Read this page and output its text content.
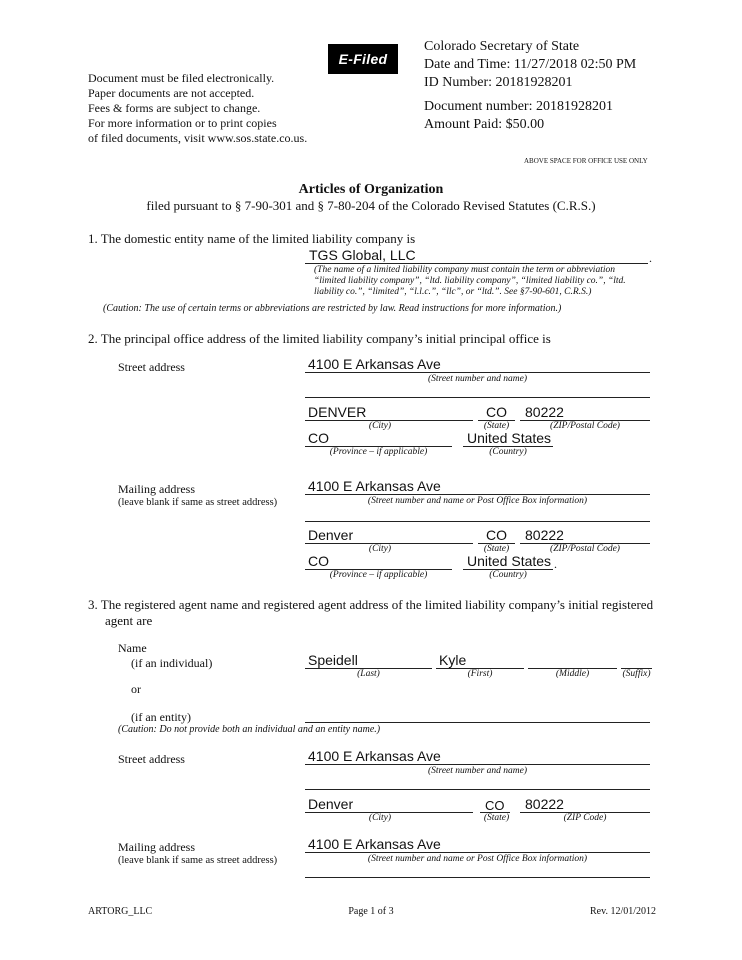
E-Filed
Document must be filed electronically.
Paper documents are not accepted.
Fees & forms are subject to change.
For more information or to print copies
of filed documents, visit www.sos.state.co.us.
Colorado Secretary of State
Date and Time: 11/27/2018 02:50 PM
ID Number: 20181928201
Document number: 20181928201
Amount Paid: $50.00
ABOVE SPACE FOR OFFICE USE ONLY
Articles of Organization
filed pursuant to § 7-90-301 and § 7-80-204 of the Colorado Revised Statutes (C.R.S.)
1. The domestic entity name of the limited liability company is
TGS Global, LLC	.
(The name of a limited liability company must contain the term or abbreviation
“limited liability company”, “ltd. liability company”, “limited liability co.”, “ltd.
liability co.”, “limited”, “l.l.c.”, “llc”, or “ltd.”. See §7-90-601, C.R.S.)
(Caution: The use of certain terms or abbreviations are restricted by law. Read instructions for more information.)
2. The principal office address of the limited liability company’s initial principal office is
Street address	4100 E Arkansas Ave
(Street number and name)
DENVER	CO 80222
(City)	(State)	(ZIP/Postal Code)
CO	United States
(Province – if applicable)	(Country)
Mailing address
(leave blank if same as street address)
4100 E Arkansas Ave
(Street number and name or Post Office Box information)
Denver	CO 80222
(City)	(State)	(ZIP/Postal Code)
CO	United States .
(Province – if applicable)	(Country)
3. The registered agent name and registered agent address of the limited liability company’s initial registered
agent are
Name
(if an individual)
or
Speidell	Kyle
(Last)	(First)	(Middle)	(Suffix)
(if an entity)
(Caution: Do not provide both an individual and an entity name.)
Street address	4100 E Arkansas Ave
(Street number and name)
Denver	CO 80222
(City)	(State)	(ZIP Code)
Mailing address
(leave blank if same as street address)
4100 E Arkansas Ave
(Street number and name or Post Office Box information)
ARTORG_LLC	Page 1 of 3	Rev. 12/01/2012
